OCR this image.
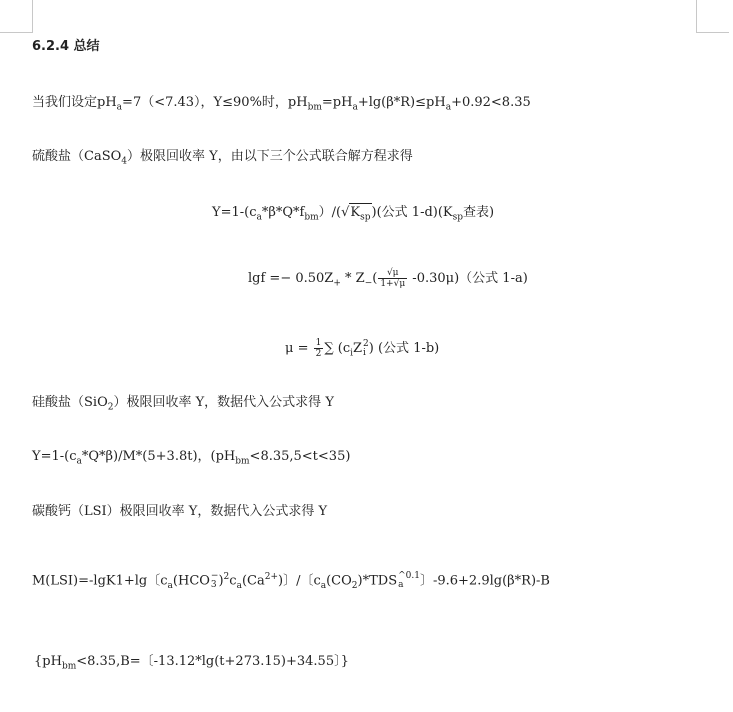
6.2.4 总结
当我们设定$pH_a=7(<7.43)$，Y≤90%时，$pH_{bm}=pH_a+\lg(\beta*R)\le pH_a+0.92<8.35$
硫酸盐（CaSO$_4$）极限回收率 Y，由以下三个公式联合解方程求得
$Y=1-(c_a*\beta*Q*f_{bm})/(√K_{sp})$(公式 $1-d)(K_{sp}$查表)
$\lg f =- 0.50Z_+ * Z_-( \frac{√\mu}{1+√\mu} -0.30\mu)$（公式 1-a)
$\mu = \frac{1}{2}$ ∑ ($c_iZ$ 2
i ) (公式 1-b)
硅酸盐（SiO$_2$）极限回收率 Y，数据代入公式求得 Y
$Y=1-(c_a*Q*\beta)/M*(5+3.8t)$，$(pH_{bm}<8.35,5<t<35)$
碳酸钙（LSI）极限回收率 Y，数据代入公式求得 Y
M(LSI)=-lgK1+lg〔$c_a(HCO$ −
3 )$^2c_a(Ca^{2+})$〕/〔$c_a(CO_2)*TDS$ ^0.1
a	〕-9.6+2.9lg(β*R)-B
{$pH_{bm}<8.35,B=$〔-13.12*lg(t+273.15)+34.55〕}
